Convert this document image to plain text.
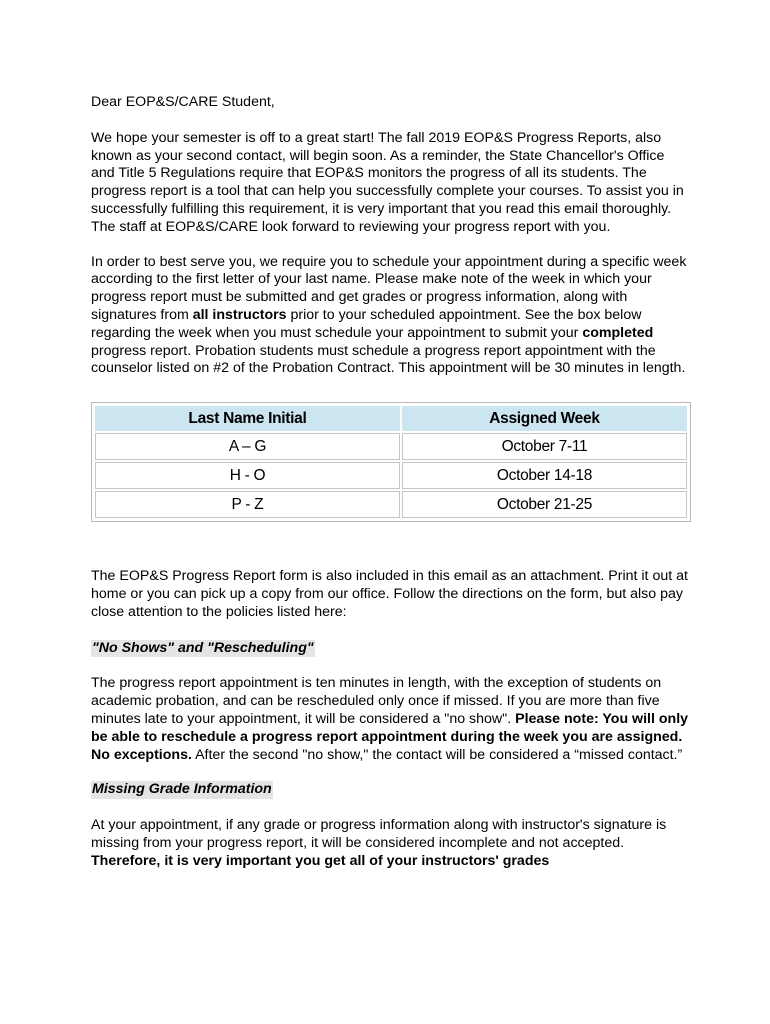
Dear EOP&S/CARE Student,

We hope your semester is off to a great start! The fall 2019 EOP&S Progress Reports, also known as your second contact, will begin soon. As a reminder, the State Chancellor's Office and Title 5 Regulations require that EOP&S monitors the progress of all its students. The progress report is a tool that can help you successfully complete your courses. To assist you in successfully fulfilling this requirement, it is very important that you read this email thoroughly. The staff at EOP&S/CARE look forward to reviewing your progress report with you.

In order to best serve you, we require you to schedule your appointment during a specific week according to the first letter of your last name. Please make note of the week in which your progress report must be submitted and get grades or progress information, along with signatures from all instructors prior to your scheduled appointment. See the box below regarding the week when you must schedule your appointment to submit your completed progress report. Probation students must schedule a progress report appointment with the counselor listed on #2 of the Probation Contract. This appointment will be 30 minutes in length.

Last Name Initial	Assigned Week
A – G	October 7-11
H - O	October 14-18
P - Z	October 21-25

The EOP&S Progress Report form is also included in this email as an attachment. Print it out at home or you can pick up a copy from our office. Follow the directions on the form, but also pay close attention to the policies listed here:

"No Shows" and "Rescheduling"

The progress report appointment is ten minutes in length, with the exception of students on academic probation, and can be rescheduled only once if missed. If you are more than five minutes late to your appointment, it will be considered a "no show". Please note: You will only be able to reschedule a progress report appointment during the week you are assigned. No exceptions. After the second "no show," the contact will be considered a “missed contact.”

Missing Grade Information

At your appointment, if any grade or progress information along with instructor's signature is missing from your progress report, it will be considered incomplete and not accepted. Therefore, it is very important you get all of your instructors' grades
